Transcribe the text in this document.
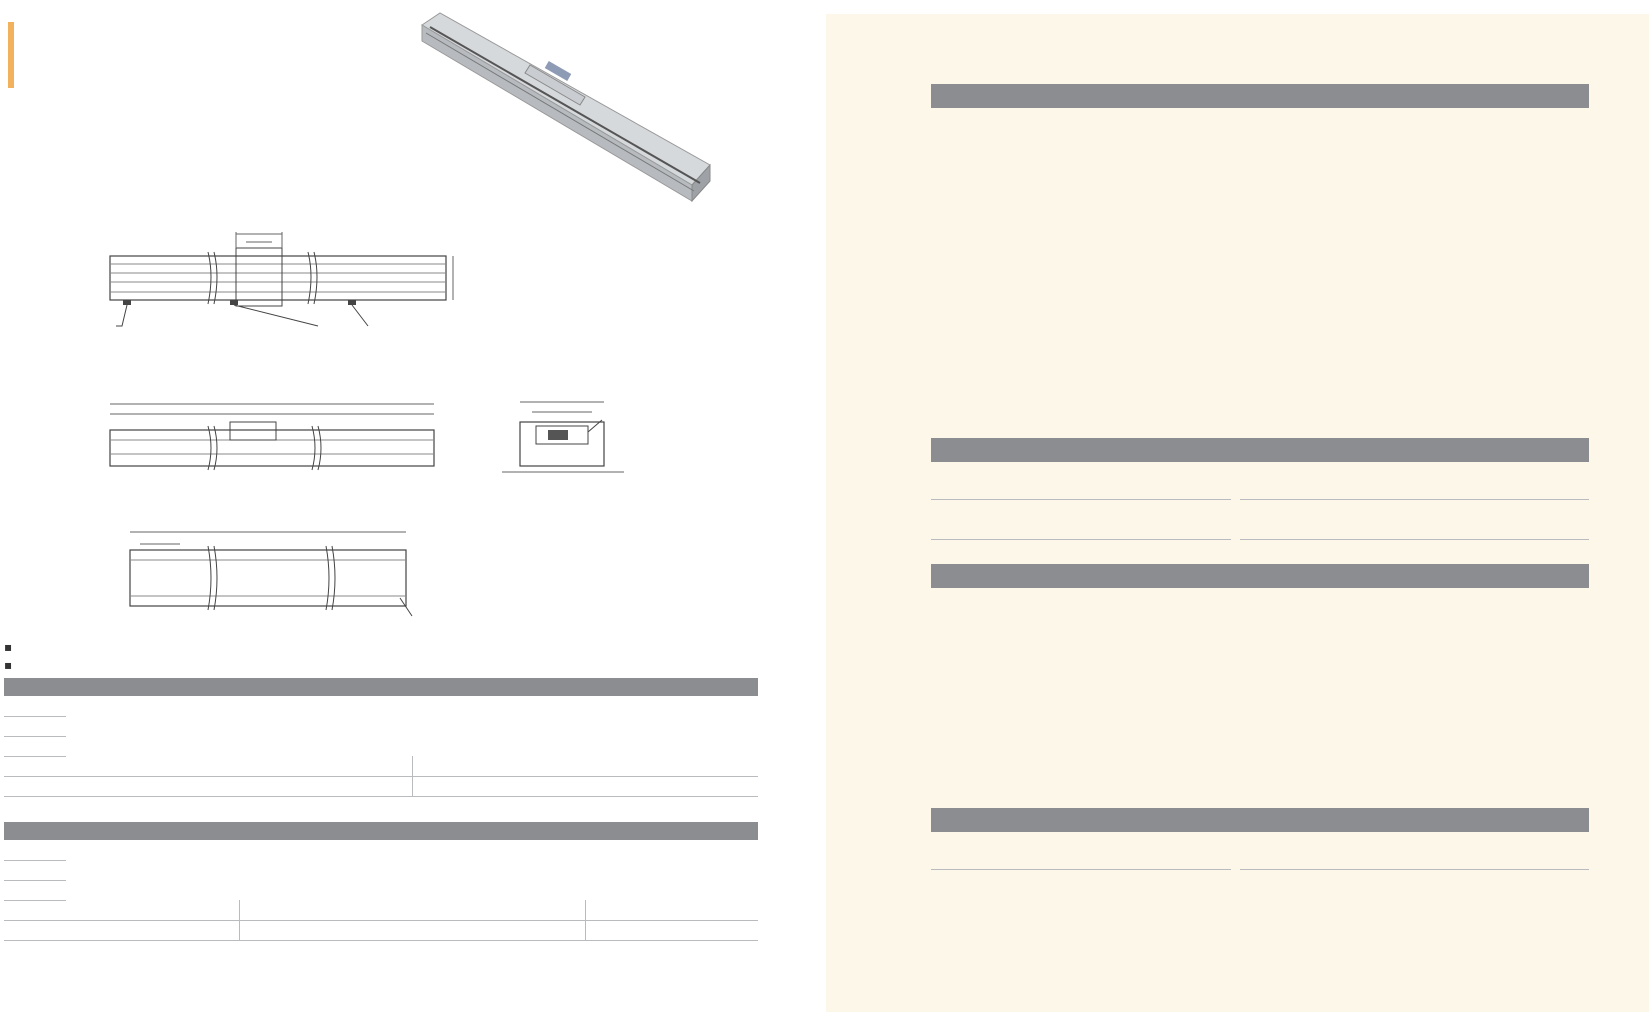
▪
▪
